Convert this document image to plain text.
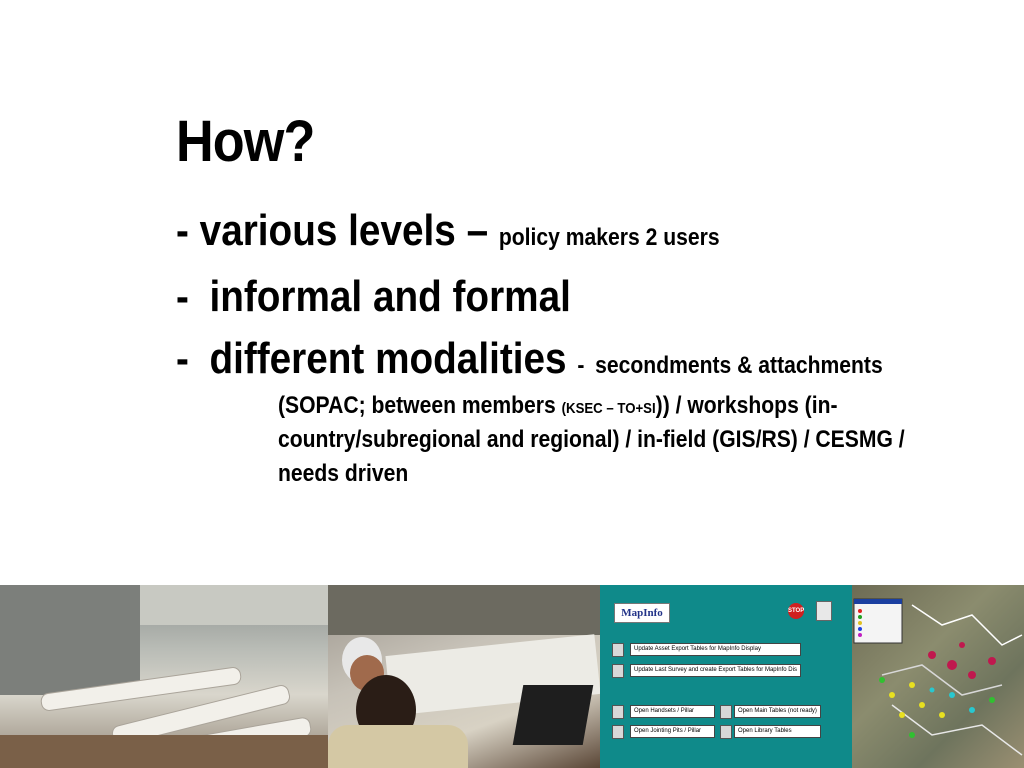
How?
- various levels – policy makers 2 users
- informal and formal
- different modalities - secondments & attachments
(SOPAC; between members (KSEC – TO+SI)) / workshops (in-
country/subregional and regional) / in-field (GIS/RS) / CESMG /
needs driven
MapInfo	STOP
Update Asset Export Tables for MapInfo Display
Update Last Survey and create Export Tables for MapInfo Dis
Open Handsets / Pillar	Open Main Tables (not ready)
Open Jointing Pits / Pillar	Open Library Tables
